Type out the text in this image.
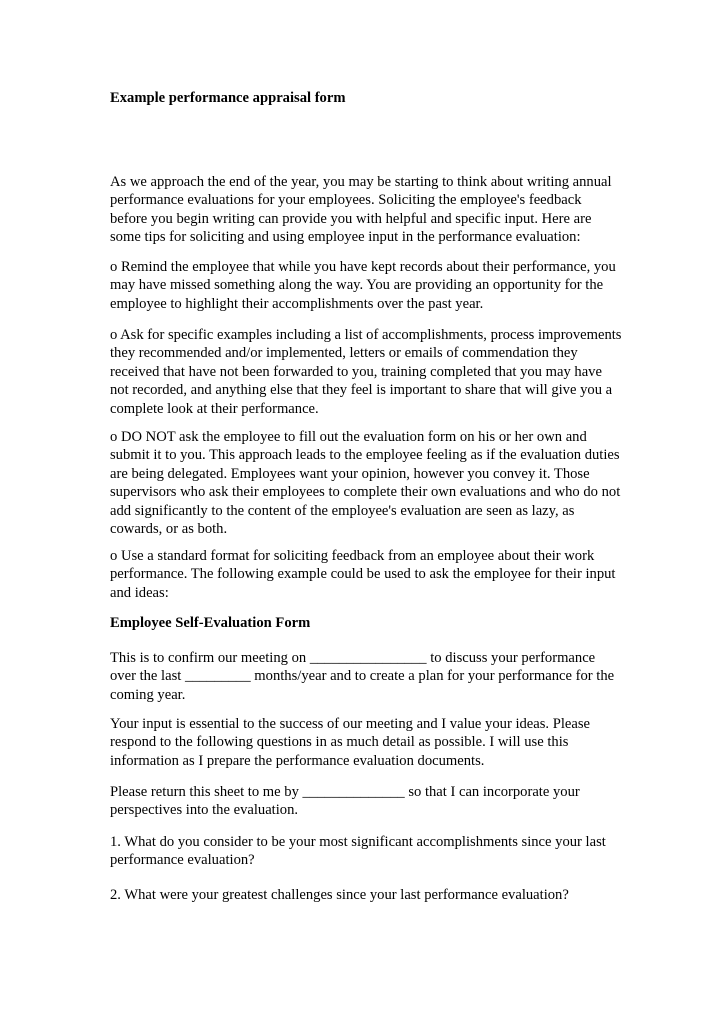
Example performance appraisal form

As we approach the end of the year, you may be starting to think about writing annual performance evaluations for your employees. Soliciting the employee's feedback before you begin writing can provide you with helpful and specific input. Here are some tips for soliciting and using employee input in the performance evaluation:

o Remind the employee that while you have kept records about their performance, you may have missed something along the way. You are providing an opportunity for the employee to highlight their accomplishments over the past year.

o Ask for specific examples including a list of accomplishments, process improvements they recommended and/or implemented, letters or emails of commendation they received that have not been forwarded to you, training completed that you may have not recorded, and anything else that they feel is important to share that will give you a complete look at their performance.

o DO NOT ask the employee to fill out the evaluation form on his or her own and submit it to you. This approach leads to the employee feeling as if the evaluation duties are being delegated. Employees want your opinion, however you convey it. Those supervisors who ask their employees to complete their own evaluations and who do not add significantly to the content of the employee's evaluation are seen as lazy, as cowards, or as both.

o Use a standard format for soliciting feedback from an employee about their work performance. The following example could be used to ask the employee for their input and ideas:

Employee Self-Evaluation Form

This is to confirm our meeting on ________________ to discuss your performance over the last _________ months/year and to create a plan for your performance for the coming year.

Your input is essential to the success of our meeting and I value your ideas. Please respond to the following questions in as much detail as possible. I will use this information as I prepare the performance evaluation documents.

Please return this sheet to me by ______________ so that I can incorporate your perspectives into the evaluation.

1. What do you consider to be your most significant accomplishments since your last performance evaluation?

2. What were your greatest challenges since your last performance evaluation?
